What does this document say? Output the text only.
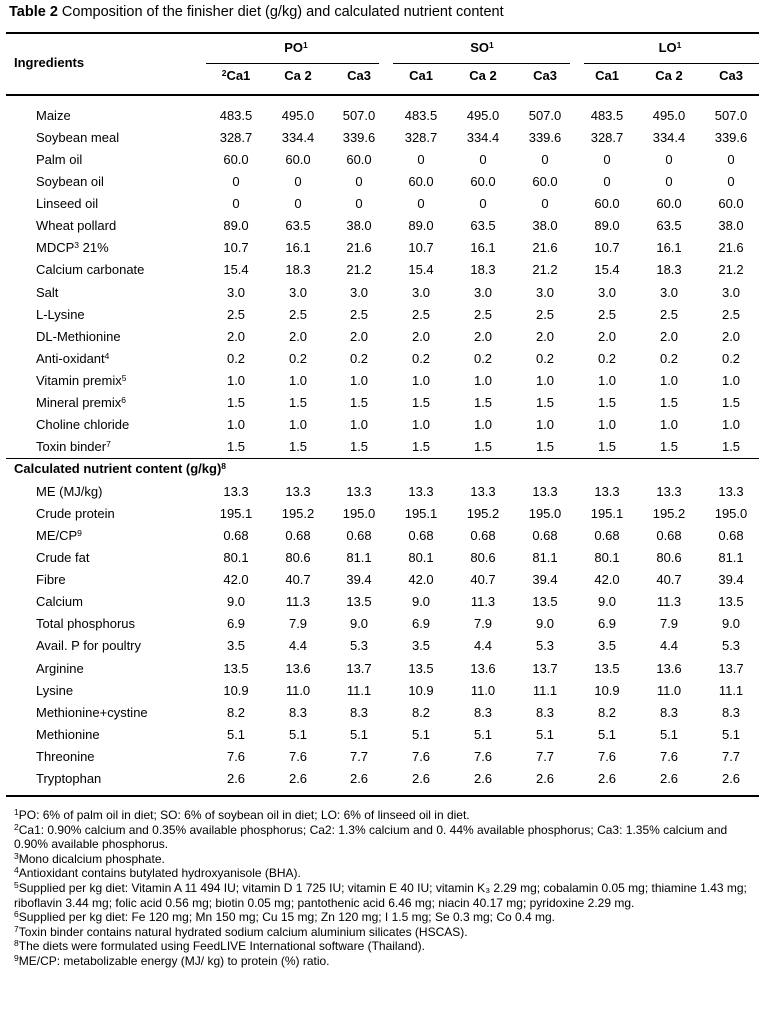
Table 2 Composition of the finisher diet (g/kg) and calculated nutrient content
Ingredients
$PO^1$	$SO^1$	$LO^1$
$^2$Ca1	Ca 2	Ca3	Ca1	Ca 2	Ca3	Ca1	Ca 2	Ca3
Maize	483.5 495.0 507.0 483.5 495.0 507.0 483.5 495.0 507.0
Soybean meal	328.7 334.4 339.6 328.7 334.4 339.6 328.7 334.4 339.6
Palm oil	60.0	60.0	60.0	0	0	0	0	0	0
Soybean oil	0	0	0	60.0	60.0	60.0	0	0	0
Linseed oil	0	0	0	0	0	0	60.0	60.0	60.0
Wheat pollard	89.0	63.5	38.0	89.0	63.5	38.0	89.0	63.5	38.0
MDCP$^3$ 21%	10.7	16.1	21.6	10.7	16.1	21.6	10.7	16.1	21.6
Calcium carbonate	15.4	18.3	21.2	15.4	18.3	21.2	15.4	18.3	21.2
Salt	3.0	3.0	3.0	3.0	3.0	3.0	3.0	3.0	3.0
L-Lysine	2.5	2.5	2.5	2.5	2.5	2.5	2.5	2.5	2.5
DL-Methionine	2.0	2.0	2.0	2.0	2.0	2.0	2.0	2.0	2.0
Anti-oxidant$^4$	0.2	0.2	0.2	0.2	0.2	0.2	0.2	0.2	0.2
Vitamin premix$^5$	1.0	1.0	1.0	1.0	1.0	1.0	1.0	1.0	1.0
Mineral premix$^6$	1.5	1.5	1.5	1.5	1.5	1.5	1.5	1.5	1.5
Choline chloride	1.0	1.0	1.0	1.0	1.0	1.0	1.0	1.0	1.0
Toxin binder$^7$	1.5	1.5	1.5	1.5	1.5	1.5	1.5	1.5	1.5
Calculated nutrient content $(g/kg)^8$
ME (MJ/kg)	13.3	13.3	13.3	13.3	13.3	13.3	13.3	13.3	13.3
Crude protein	195.1 195.2 195.0 195.1 195.2 195.0 195.1 195.2 195.0
$ME/CP^9$	0.68	0.68	0.68	0.68	0.68	0.68	0.68	0.68	0.68
Crude fat	80.1	80.6	81.1	80.1	80.6	81.1	80.1	80.6	81.1
Fibre	42.0	40.7	39.4	42.0	40.7	39.4	42.0	40.7	39.4
Calcium	9.0	11.3	13.5	9.0	11.3	13.5	9.0	11.3	13.5
Total phosphorus	6.9	7.9	9.0	6.9	7.9	9.0	6.9	7.9	9.0
Avail. P for poultry	3.5	4.4	5.3	3.5	4.4	5.3	3.5	4.4	5.3
Arginine	13.5	13.6	13.7	13.5	13.6	13.7	13.5	13.6	13.7
Lysine	10.9	11.0	11.1	10.9	11.0	11.1	10.9	11.0	11.1
Methionine+cystine	8.2	8.3	8.3	8.2	8.3	8.3	8.2	8.3	8.3
Methionine	5.1	5.1	5.1	5.1	5.1	5.1	5.1	5.1	5.1
Threonine	7.6	7.6	7.7	7.6	7.6	7.7	7.6	7.6	7.7
Tryptophan	2.6	2.6	2.6	2.6	2.6	2.6	2.6	2.6	2.6

$^1$PO: 6% of palm oil in diet; SO: 6% of soybean oil in diet; LO: 6% of linseed oil in diet.

$^2$Ca1: 0.90% calcium and 0.35% available phosphorus; Ca2: 1.3% calcium and 0. 44% available phosphorus; Ca3: 1.35% calcium and 0.90% available phosphorus.

$^3$Mono dicalcium phosphate.

$^4$Antioxidant contains butylated hydroxyanisole (BHA).

$^5$Supplied per kg diet: Vitamin A 11 494 IU; vitamin D 1 725 IU; vitamin E 40 IU; vitamin K₃ 2.29 mg; cobalamin 0.05 mg; thiamine 1.43 mg; riboflavin 3.44 mg; folic acid 0.56 mg; biotin 0.05 mg; pantothenic acid 6.46 mg; niacin 40.17 mg; pyridoxine 2.29 mg.

$^6$Supplied per kg diet: Fe 120 mg; Mn 150 mg; Cu 15 mg; Zn 120 mg; I 1.5 mg; Se 0.3 mg; Co 0.4 mg.

$^7$Toxin binder contains natural hydrated sodium calcium aluminium silicates (HSCAS).

$^8$The diets were formulated using FeedLIVE International software (Thailand).

$^9$ME/CP: metabolizable energy (MJ/ kg) to protein (%) ratio.
